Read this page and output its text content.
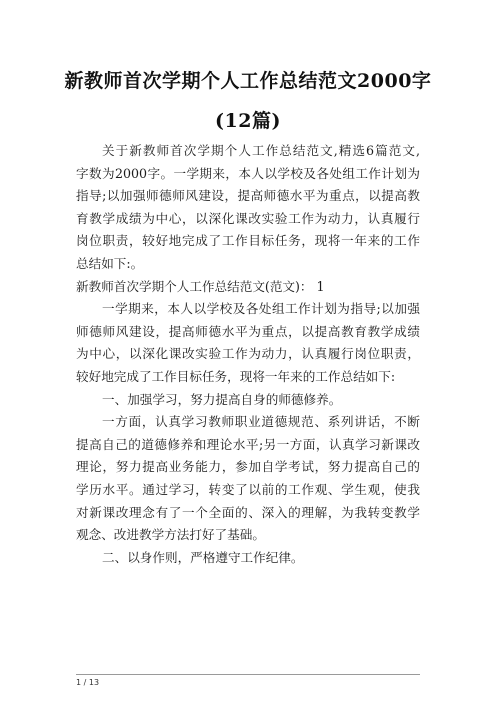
新教师首次学期个人工作总结范文2000字
(12篇)
关于新教师首次学期个人工作总结范文,精选6篇范文,
字数为2000字。一学期来，本人以学校及各处组工作计划为
指导;以加强师德师风建设，提高师德水平为重点，以提高教
育教学成绩为中心，以深化课改实验工作为动力，认真履行
岗位职责，较好地完成了工作目标任务，现将一年来的工作
总结如下:。
新教师首次学期个人工作总结范文(范文)： 1
一学期来，本人以学校及各处组工作计划为指导;以加强
师德师风建设，提高师德水平为重点，以提高教育教学成绩
为中心，以深化课改实验工作为动力，认真履行岗位职责，
较好地完成了工作目标任务，现将一年来的工作总结如下:
一、加强学习，努力提高自身的师德修养。
一方面，认真学习教师职业道德规范、系列讲话，不断
提高自己的道德修养和理论水平;另一方面，认真学习新课改
理论，努力提高业务能力，参加自学考试，努力提高自己的
学历水平。通过学习，转变了以前的工作观、学生观，使我
对新课改理念有了一个全面的、深入的理解，为我转变教学
观念、改进教学方法打好了基础。
二、以身作则，严格遵守工作纪律。
1 / 13
